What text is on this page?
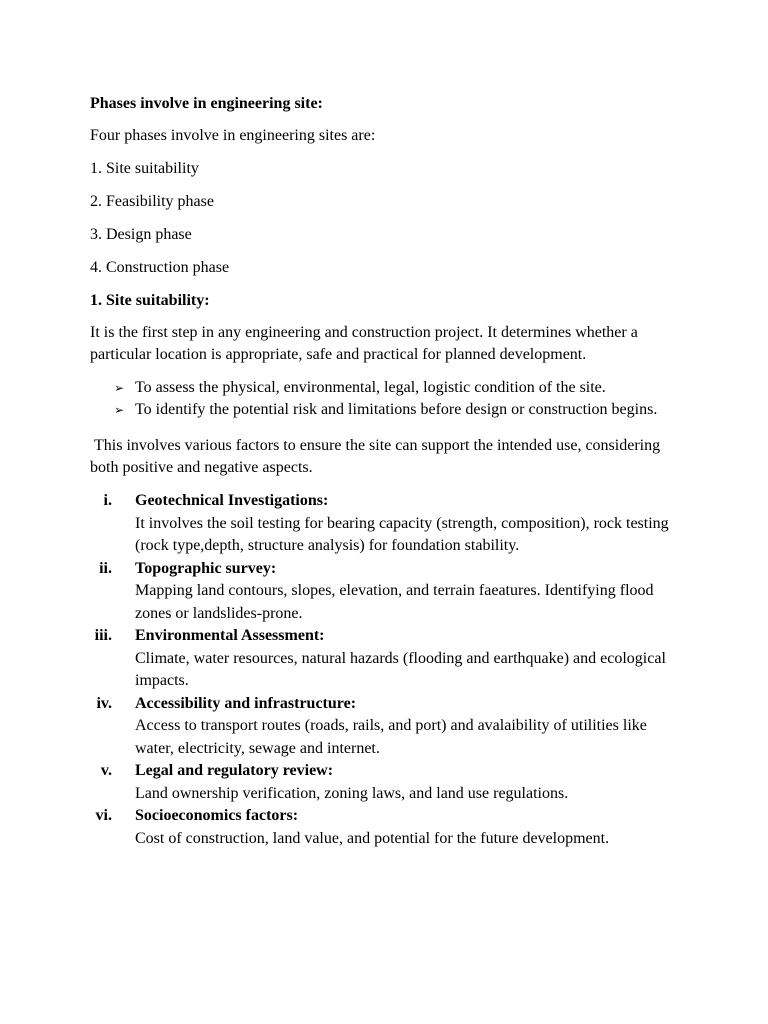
Phases involve in engineering site:

Four phases involve in engineering sites are:

1. Site suitability

2. Feasibility phase

3. Design phase

4. Construction phase

1. Site suitability:

It is the first step in any engineering and construction project. It determines whether a particular location is appropriate, safe and practical for planned development.

➢ To assess the physical, environmental, legal, logistic condition of the site.
➢ To identify the potential risk and limitations before design or construction begins.

This involves various factors to ensure the site can support the intended use, considering both positive and negative aspects.

i. Geotechnical Investigations:
It involves the soil testing for bearing capacity (strength, composition), rock testing (rock type,depth, structure analysis) for foundation stability.
ii. Topographic survey:
Mapping land contours, slopes, elevation, and terrain faeatures. Identifying flood zones or landslides-prone.
iii. Environmental Assessment:
Climate, water resources, natural hazards (flooding and earthquake) and ecological impacts.
iv. Accessibility and infrastructure:
Access to transport routes (roads, rails, and port) and avalaibility of utilities like water, electricity, sewage and internet.
v. Legal and regulatory review:
Land ownership verification, zoning laws, and land use regulations.
vi. Socioeconomics factors:
Cost of construction, land value, and potential for the future development.
